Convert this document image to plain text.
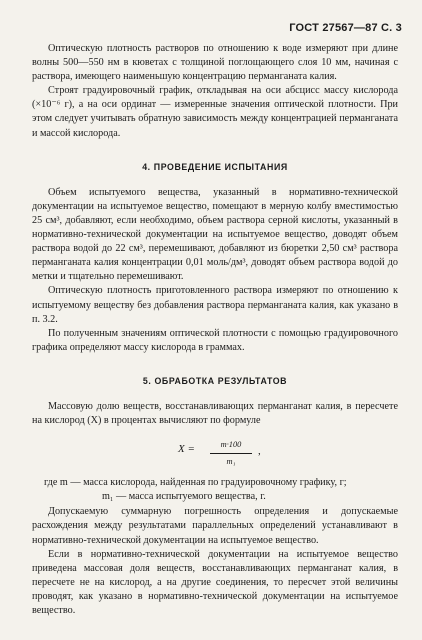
ГОСТ 27567—87 С. 3

Оптическую плотность растворов по отношению к воде измеряют при длине волны 500—550 нм в кюветах с толщиной поглощающего слоя 10 мм, начиная с раствора, имеющего наименьшую концентрацию перманганата калия.

Строят градуировочный график, откладывая на оси абсцисс массу кислорода (×10⁻⁶ г), а на оси ординат — измеренные значения оптической плотности. При этом следует учитывать обратную зависимость между концентрацией перманганата и массой кислорода.

4. ПРОВЕДЕНИЕ ИСПЫТАНИЯ

Объем испытуемого вещества, указанный в нормативно-технической документации на испытуемое вещество, помещают в мерную колбу вместимостью 25 см³, добавляют, если необходимо, объем раствора серной кислоты, указанный в нормативно-технической документации на испытуемое вещество, доводят объем раствора водой до 22 см³, перемешивают, добавляют из бюретки 2,50 см³ раствора перманганата калия концентрации 0,01 моль/дм³, доводят объем раствора водой до метки и тщательно перемешивают.

Оптическую плотность приготовленного раствора измеряют по отношению к испытуемому веществу без добавления раствора перманганата калия, как указано в п. 3.2.

По полученным значениям оптической плотности с помощью градуировочного графика определяют массу кислорода в граммах.

5. ОБРАБОТКА РЕЗУЛЬТАТОВ

Массовую долю веществ, восстанавливающих перманганат калия, в пересчете на кислород (X) в процентах вычисляют по формуле

$X = \frac{m\cdot 100}{\text{m₁}}$ ,

где m — масса кислорода, найденная по градуировочному графику, г;

m₁ — масса испытуемого вещества, г.

Допускаемую суммарную погрешность определения и допускаемые расхождения между результатами параллельных определений устанавливают в нормативно-технической документации на испытуемое вещество.

Если в нормативно-технической документации на испытуемое вещество приведена массовая доля веществ, восстанавливающих перманганат калия, в пересчете не на кислород, а на другие соединения, то пересчет этой величины проводят, как указано в нормативно-технической документации на испытуемое вещество.
